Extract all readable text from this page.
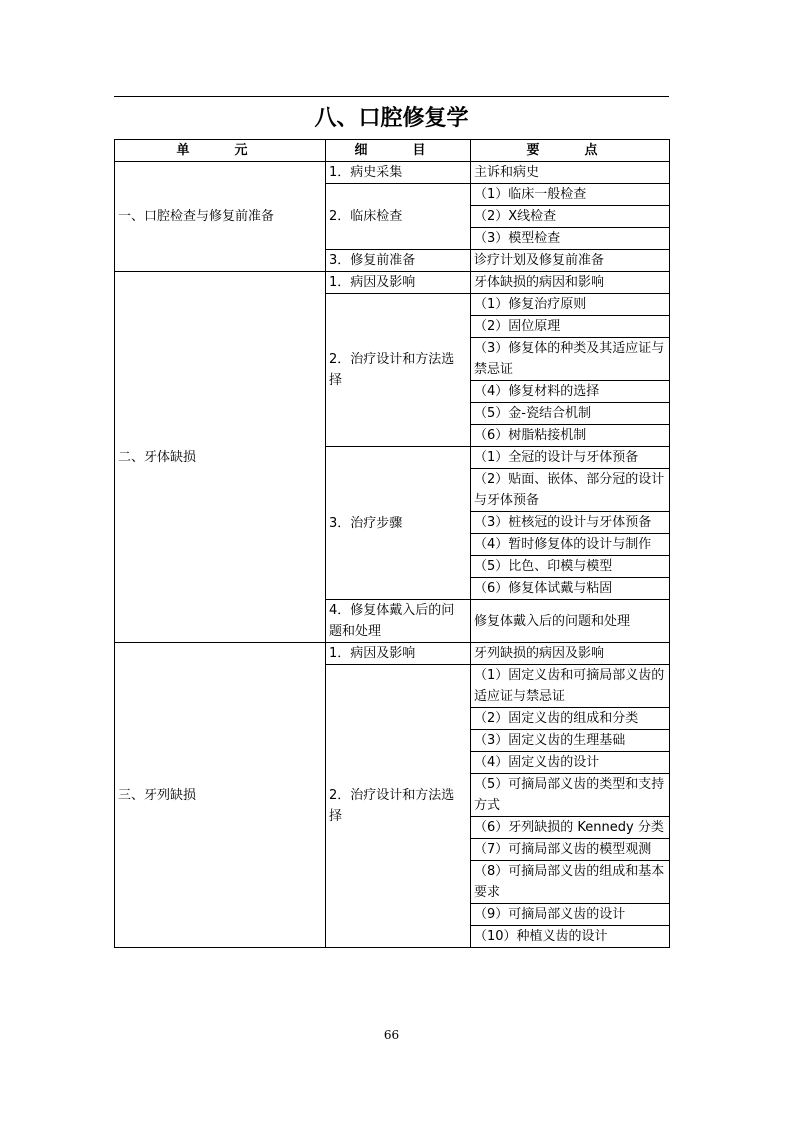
八、口腔修复学
单　元	细　目	要　点
一、口腔检查与修复前准备	1．病史采集	主诉和病史
	2．临床检查	（1）临床一般检查
		（2）X线检查
		（3）模型检查
	3．修复前准备	诊疗计划及修复前准备
二、牙体缺损	1．病因及影响	牙体缺损的病因和影响
	2．治疗设计和方法选择	（1）修复治疗原则
		（2）固位原理
		（3）修复体的种类及其适应证与禁忌证
		（4）修复材料的选择
		（5）金-瓷结合机制
		（6）树脂粘接机制
	3．治疗步骤	（1）全冠的设计与牙体预备
		（2）贴面、嵌体、部分冠的设计与牙体预备
		（3）桩核冠的设计与牙体预备
		（4）暂时修复体的设计与制作
		（5）比色、印模与模型
		（6）修复体试戴与粘固
	4．修复体戴入后的问题和处理	修复体戴入后的问题和处理
三、牙列缺损	1．病因及影响	牙列缺损的病因及影响
	2．治疗设计和方法选择	（1）固定义齿和可摘局部义齿的适应证与禁忌证
		（2）固定义齿的组成和分类
		（3）固定义齿的生理基础
		（4）固定义齿的设计
		（5）可摘局部义齿的类型和支持方式
		（6）牙列缺损的 Kennedy 分类
		（7）可摘局部义齿的模型观测
		（8）可摘局部义齿的组成和基本要求
		（9）可摘局部义齿的设计
		（10）种植义齿的设计
66
